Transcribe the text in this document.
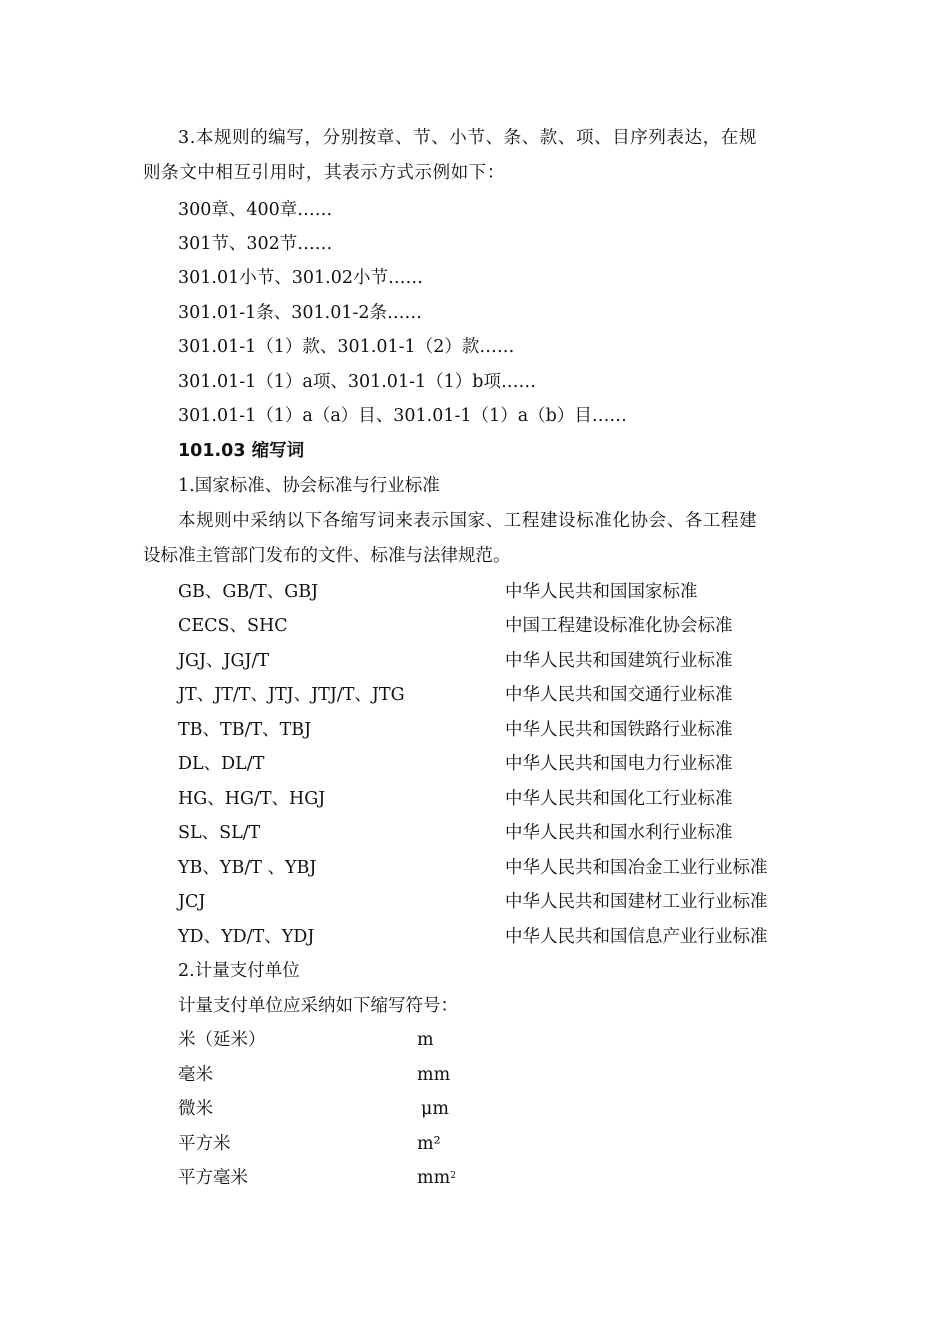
3.本规则的编写，分别按章、节、小节、条、款、项、目序列表达，在规
则条文中相互引用时，其表示方式示例如下：
300章、400章……
301节、302节……
301.01小节、301.02小节……
301.01-1条、301.01-2条……
301.01-1（1）款、301.01-1（2）款……
301.01-1（1）a项、301.01-1（1）b项……
301.01-1（1）a（a）目、301.01-1（1）a（b）目……
101.03 缩写词
1.国家标准、协会标准与行业标准
本规则中采纳以下各缩写词来表示国家、工程建设标准化协会、各工程建
设标准主管部门发布的文件、标准与法律规范。
GB、GB/T、GBJ	中华人民共和国国家标准
CECS、SHC	中国工程建设标准化协会标准
JGJ、JGJ/T	中华人民共和国建筑行业标准
JT、JT/T、JTJ、JTJ/T、JTG	中华人民共和国交通行业标准
TB、TB/T、TBJ	中华人民共和国铁路行业标准
DL、DL/T	中华人民共和国电力行业标准
HG、HG/T、HGJ	中华人民共和国化工行业标准
SL、SL/T	中华人民共和国水利行业标准
YB、YB/T 、YBJ	中华人民共和国冶金工业行业标准
JCJ	中华人民共和国建材工业行业标准
YD、YD/T、YDJ	中华人民共和国信息产业行业标准
2.计量支付单位
计量支付单位应采纳如下缩写符号：
米（延米）	m
毫米	mm
微米	μm
平方米	m²
平方毫米	$mm^2$
